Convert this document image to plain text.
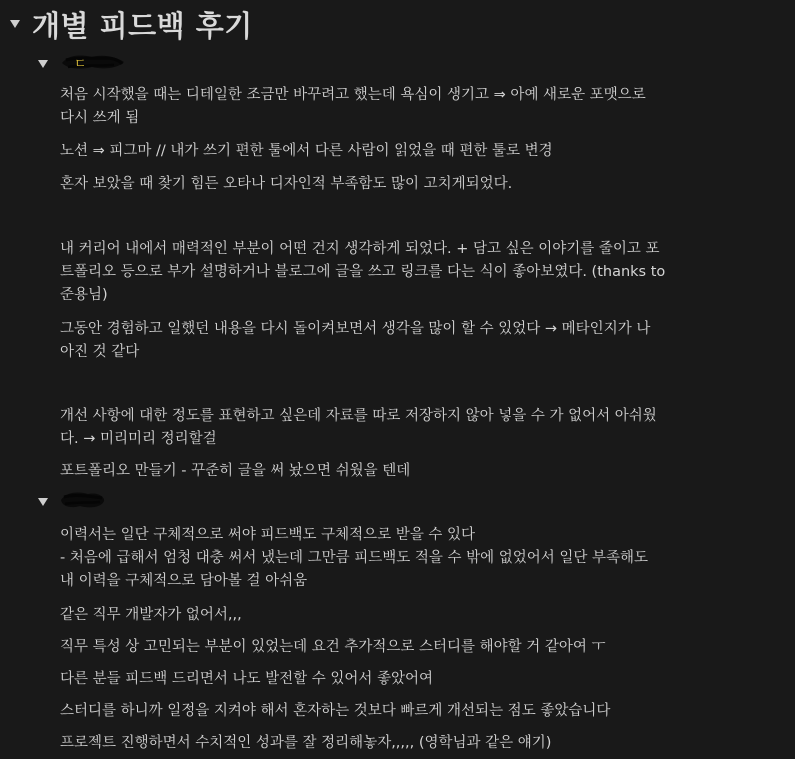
개별 피드백 후기
ㄷ
처음 시작했을 때는 디테일한 조금만 바꾸려고 했는데 욕심이 생기고 ⇒ 아예 새로운 포맷으로
다시 쓰게 됨
노션 ⇒ 피그마 // 내가 쓰기 편한 툴에서 다른 사람이 읽었을 때 편한 툴로 변경
혼자 보았을 때 찾기 힘든 오타나 디자인적 부족함도 많이 고치게되었다.
내 커리어 내에서 매력적인 부분이 어떤 건지 생각하게 되었다. + 담고 싶은 이야기를 줄이고 포
트폴리오 등으로 부가 설명하거나 블로그에 글을 쓰고 링크를 다는 식이 좋아보였다. (thanks to
준용님)
그동안 경험하고 일했던 내용을 다시 돌이켜보면서 생각을 많이 할 수 있었다 → 메타인지가 나
아진 것 같다
개선 사항에 대한 정도를 표현하고 싶은데 자료를 따로 저장하지 않아 넣을 수 가 없어서 아쉬웠
다. → 미리미리 정리할걸
포트폴리오 만들기 - 꾸준히 글을 써 놨으면 쉬웠을 텐데
이력서는 일단 구체적으로 써야 피드백도 구체적으로 받을 수 있다
- 처음에 급해서 엄청 대충 써서 냈는데 그만큼 피드백도 적을 수 밖에 없었어서 일단 부족해도
내 이력을 구체적으로 담아볼 걸 아쉬움
같은 직무 개발자가 없어서,,,
직무 특성 상 고민되는 부분이 있었는데 요건 추가적으로 스터디를 해야할 거 같아여 ㅜ
다른 분들 피드백 드리면서 나도 발전할 수 있어서 좋았어여
스터디를 하니까 일정을 지켜야 해서 혼자하는 것보다 빠르게 개선되는 점도 좋았습니다
프로젝트 진행하면서 수치적인 성과를 잘 정리해놓자,,,,, (영학님과 같은 얘기)
